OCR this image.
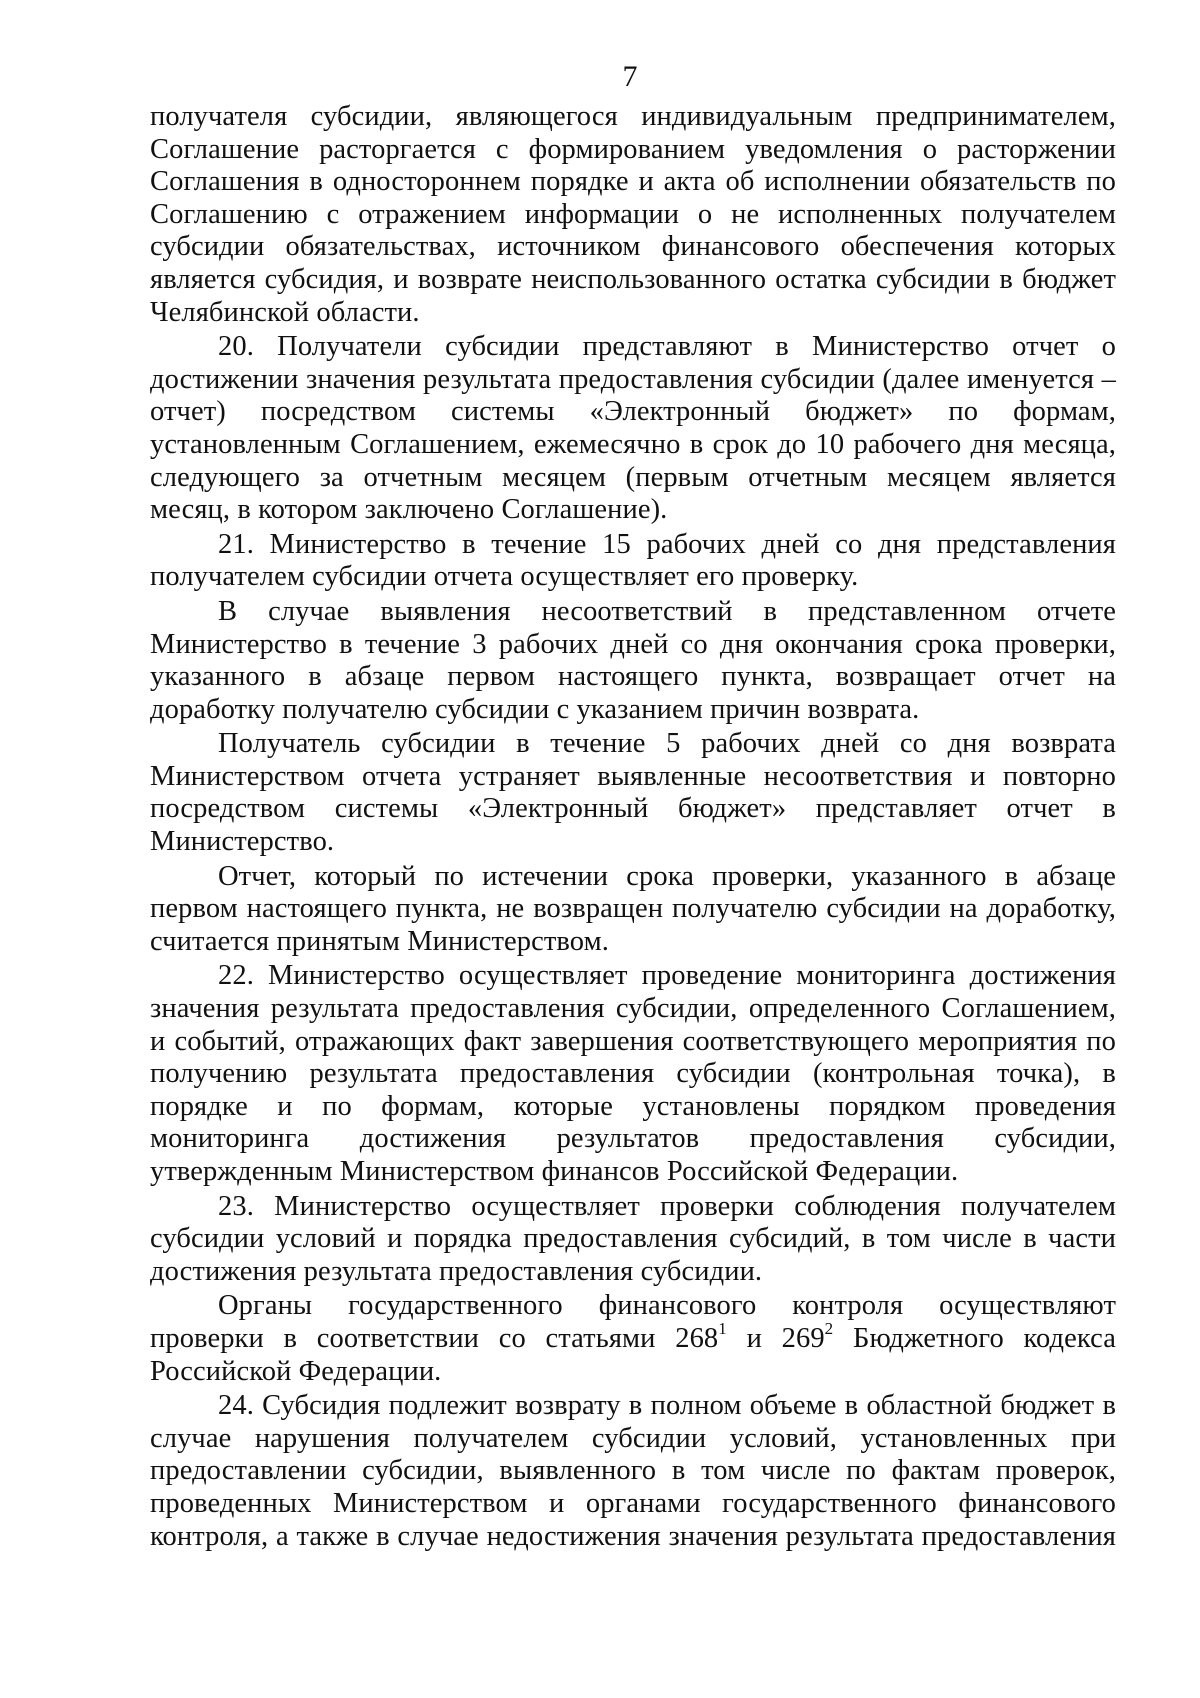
7

получателя субсидии, являющегося индивидуальным предпринимателем, Соглашение расторгается с формированием уведомления о расторжении Соглашения в одностороннем порядке и акта об исполнении обязательств по Соглашению с отражением информации о не исполненных получателем субсидии обязательствах, источником финансового обеспечения которых является субсидия, и возврате неиспользованного остатка субсидии в бюджет Челябинской области.

20. Получатели субсидии представляют в Министерство отчет о достижении значения результата предоставления субсидии (далее именуется – отчет) посредством системы «Электронный бюджет» по формам, установленным Соглашением, ежемесячно в срок до 10 рабочего дня месяца, следующего за отчетным месяцем (первым отчетным месяцем является месяц, в котором заключено Соглашение).

21. Министерство в течение 15 рабочих дней со дня представления получателем субсидии отчета осуществляет его проверку.

В случае выявления несоответствий в представленном отчете Министерство в течение 3 рабочих дней со дня окончания срока проверки, указанного в абзаце первом настоящего пункта, возвращает отчет на доработку получателю субсидии с указанием причин возврата.

Получатель субсидии в течение 5 рабочих дней со дня возврата Министерством отчета устраняет выявленные несоответствия и повторно посредством системы «Электронный бюджет» представляет отчет в Министерство.

Отчет, который по истечении срока проверки, указанного в абзаце первом настоящего пункта, не возвращен получателю субсидии на доработку, считается принятым Министерством.

22. Министерство осуществляет проведение мониторинга достижения значения результата предоставления субсидии, определенного Соглашением, и событий, отражающих факт завершения соответствующего мероприятия по получению результата предоставления субсидии (контрольная точка), в порядке и по формам, которые установлены порядком проведения мониторинга достижения результатов предоставления субсидии, утвержденным Министерством финансов Российской Федерации.

23. Министерство осуществляет проверки соблюдения получателем субсидии условий и порядка предоставления субсидий, в том числе в части достижения результата предоставления субсидии.

Органы государственного финансового контроля осуществляют проверки в соответствии со статьями $268^1$ и $269^2$ Бюджетного кодекса Российской Федерации.

24. Субсидия подлежит возврату в полном объеме в областной бюджет в случае нарушения получателем субсидии условий, установленных при предоставлении субсидии, выявленного в том числе по фактам проверок, проведенных Министерством и органами государственного финансового контроля, а также в случае недостижения значения результата предоставления
